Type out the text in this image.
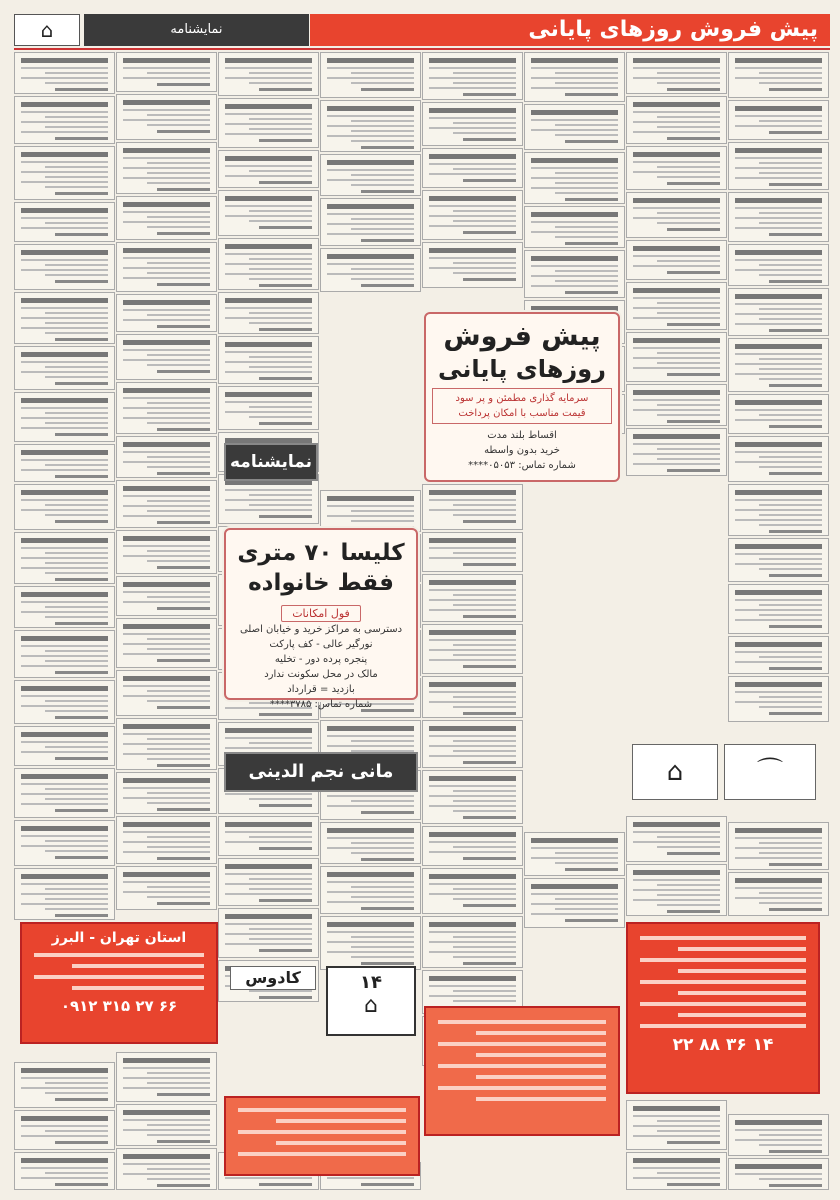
پیش فروش روزهای پایانی
نمایشنامه
⌂
پیش فروش
روزهای پایانی
سرمایه گذاری مطمئن و پر سود
قیمت مناسب با امکان پرداخت
اقساط بلند مدت
خرید بدون واسطه
شماره تماس: ۰۵۰۵۳****
نمایشنامه
کلیسا ۷۰ متری
فقط خانواده
فول امکانات
دسترسی به مراکز خرید و خیابان اصلی
نورگیر عالی - کف پارکت
پنجره پرده دور - تخلیه
مالک در محل سکونت ندارد
بازدید = قرارداد
شماره تماس: ۳۷۸۵****
مانی نجم الدینی
استان تهران - البرز
۰۹۱۲ ۳۱۵ ۲۷ ۶۶
۲۲ ۸۸ ۳۶ ۱۴
کادوس	۱۴
⌂
⌂	⌒
